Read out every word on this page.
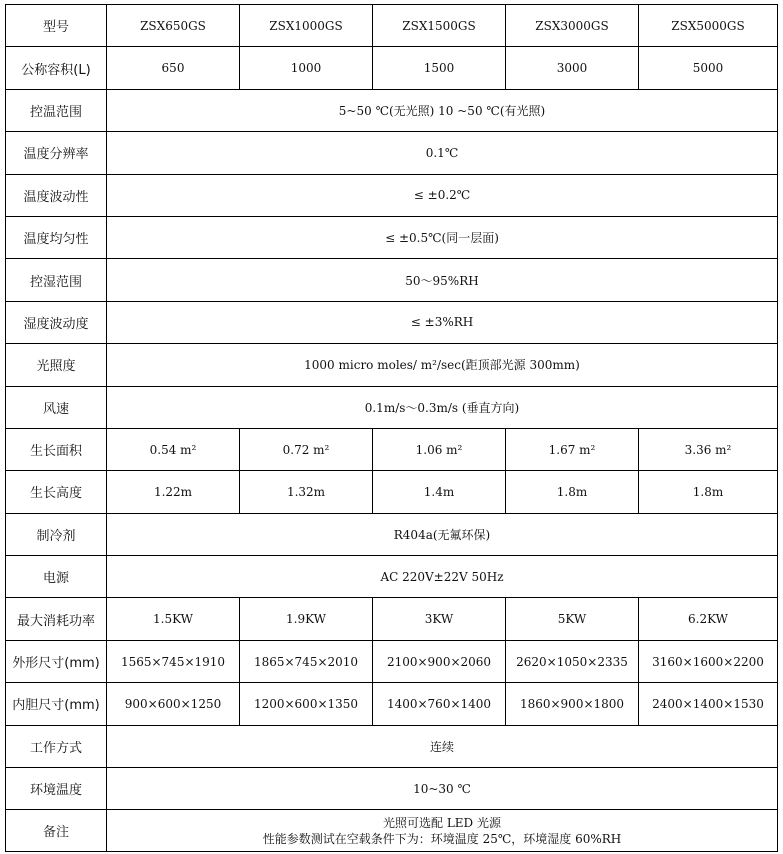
型号	ZSX650GS	ZSX1000GS	ZSX1500GS	ZSX3000GS	ZSX5000GS
公称容积(L)	650	1000	1500	3000	5000
控温范围	5~50 ℃(无光照) 10 ~50 ℃(有光照)				
温度分辨率	0.1℃				
温度波动性	≤ ±0.2℃				
温度均匀性	≤ ±0.5℃(同一层面)				
控湿范围	50～95%RH				
湿度波动度	≤ ±3%RH				
光照度	1000 micro moles/ m²/sec(距顶部光源 300mm)				
风速	0.1m/s～0.3m/s (垂直方向)				
生长面积	0.54 m²	0.72 m²	1.06 m²	1.67 m²	3.36 m²
生长高度	1.22m	1.32m	1.4m	1.8m	1.8m
制冷剂	R404a(无氟环保)				
电源	AC 220V±22V 50Hz				
最大消耗功率	1.5KW	1.9KW	3KW	5KW	6.2KW
外形尺寸(mm)	1565×745×1910	1865×745×2010	2100×900×2060	2620×1050×2335	3160×1600×2200
内胆尺寸(mm)	900×600×1250	1200×600×1350	1400×760×1400	1860×900×1800	2400×1400×1530
工作方式	连续				
环境温度	10~30 ℃				
备注	光照可选配 LED 光源
性能参数测试在空载条件下为：环境温度 25℃，环境湿度 60%RH				
